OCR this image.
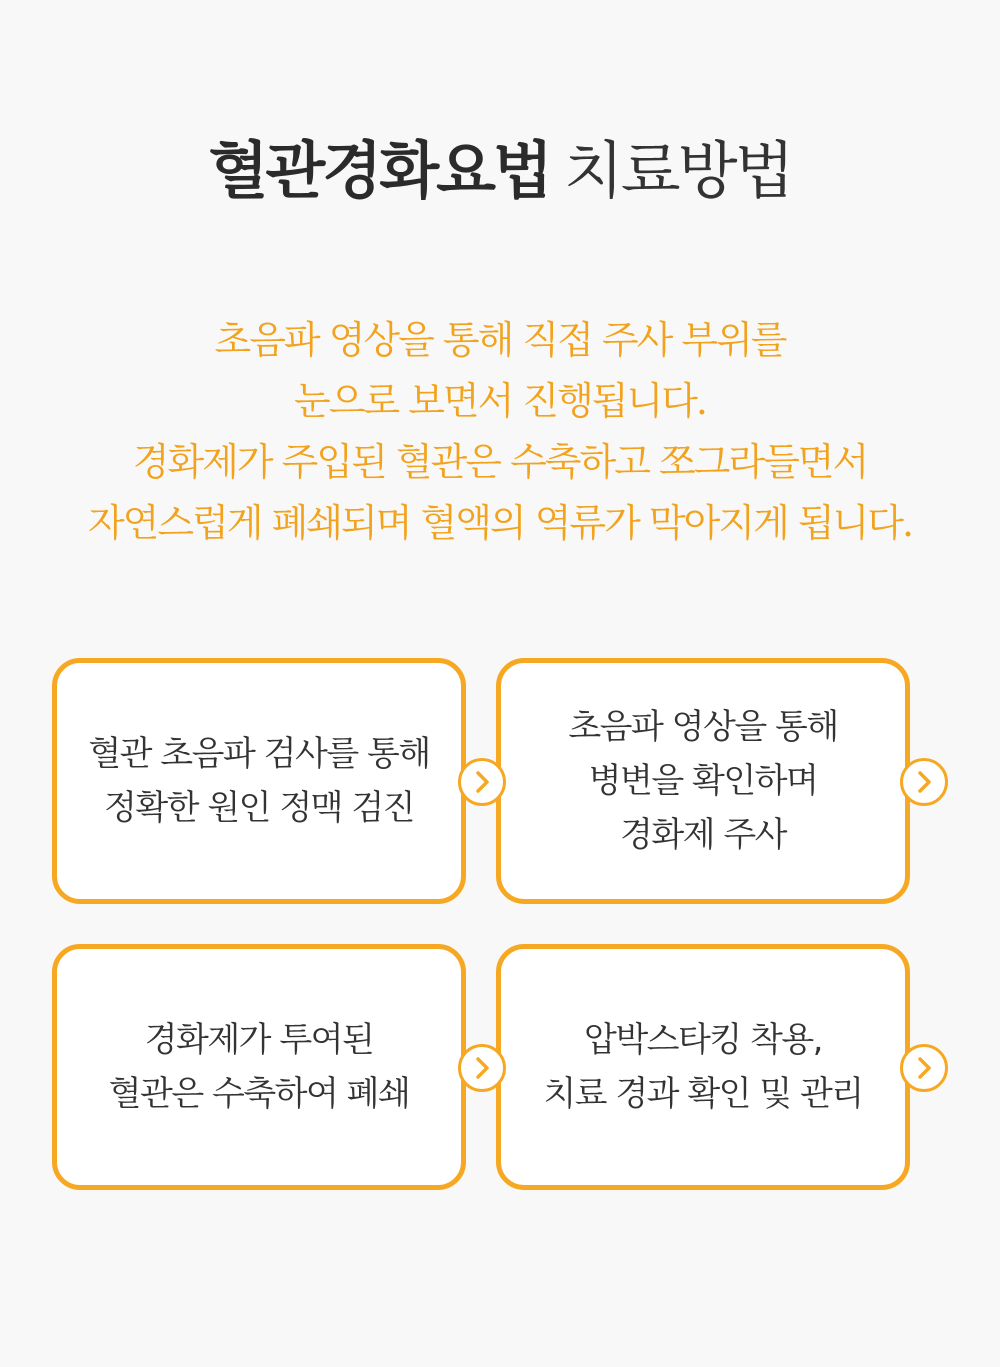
혈관경화요법 치료방법
초음파 영상을 통해 직접 주사 부위를
눈으로 보면서 진행됩니다.
경화제가 주입된 혈관은 수축하고 쪼그라들면서
자연스럽게 폐쇄되며 혈액의 역류가 막아지게 됩니다.
혈관 초음파 검사를 통해
정확한 원인 정맥 검진
초음파 영상을 통해
병변을 확인하며
경화제 주사
경화제가 투여된
혈관은 수축하여 폐쇄
압박스타킹 착용,
치료 경과 확인 및 관리
